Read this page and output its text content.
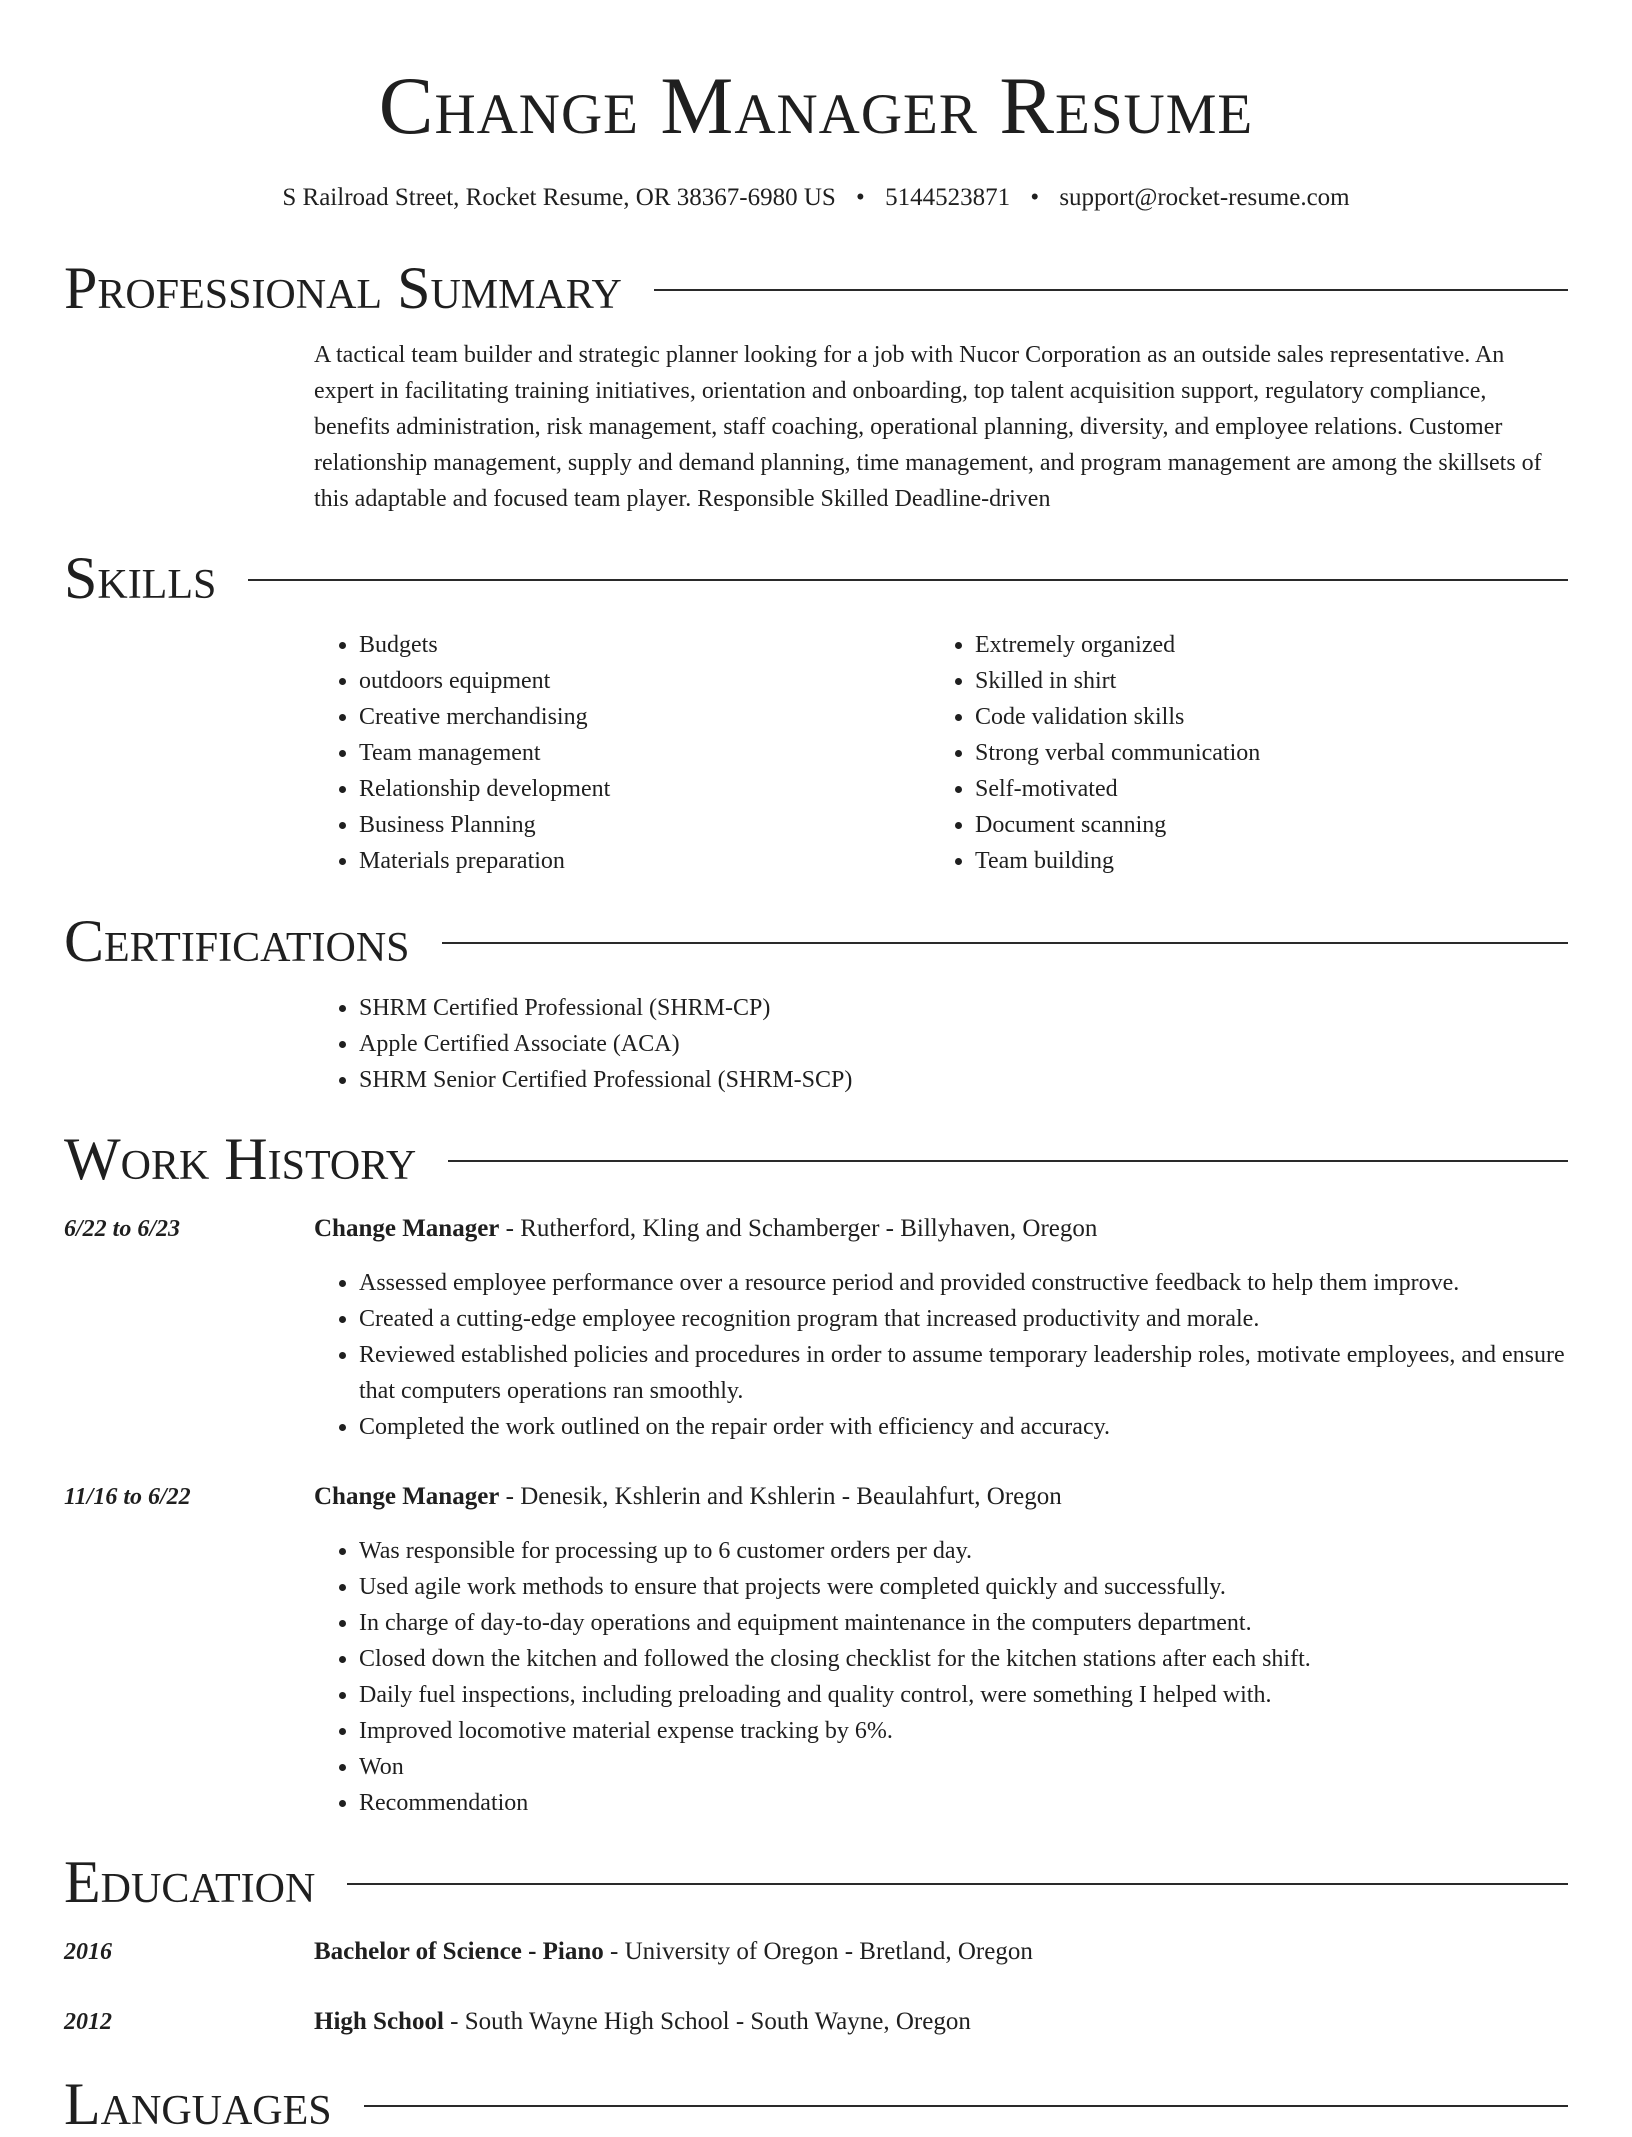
Change Manager Resume
S Railroad Street, Rocket Resume, OR 38367-6980 US • 5144523871 • support@rocket-resume.com
Professional Summary

A tactical team builder and strategic planner looking for a job with Nucor Corporation as an outside sales representative. An expert in facilitating training initiatives, orientation and onboarding, top talent acquisition support, regulatory compliance, benefits administration, risk management, staff coaching, operational planning, diversity, and employee relations. Customer relationship management, supply and demand planning, time management, and program management are among the skillsets of this adaptable and focused team player. Responsible Skilled Deadline-driven

Skills
• Budgets
• outdoors equipment
• Creative merchandising
• Team management
• Relationship development
• Business Planning
• Materials preparation
• Extremely organized
• Skilled in shirt
• Code validation skills
• Strong verbal communication
• Self-motivated
• Document scanning
• Team building
Certifications
• SHRM Certified Professional (SHRM-CP)
• Apple Certified Associate (ACA)
• SHRM Senior Certified Professional (SHRM-SCP)
Work History
6/22 to 6/23	Change Manager - Rutherford, Kling and Schamberger - Billyhaven, Oregon
• Assessed employee performance over a resource period and provided constructive feedback to help them improve.
• Created a cutting-edge employee recognition program that increased productivity and morale.
• Reviewed established policies and procedures in order to assume temporary leadership roles, motivate employees, and ensure that computers operations ran smoothly.
• Completed the work outlined on the repair order with efficiency and accuracy.
11/16 to 6/22	Change Manager - Denesik, Kshlerin and Kshlerin - Beaulahfurt, Oregon
• Was responsible for processing up to 6 customer orders per day.
• Used agile work methods to ensure that projects were completed quickly and successfully.
• In charge of day-to-day operations and equipment maintenance in the computers department.
• Closed down the kitchen and followed the closing checklist for the kitchen stations after each shift.
• Daily fuel inspections, including preloading and quality control, were something I helped with.
• Improved locomotive material expense tracking by 6%.
• Won
• Recommendation
Education
2016	Bachelor of Science - Piano - University of Oregon - Bretland, Oregon
2012	High School - South Wayne High School - South Wayne, Oregon
Languages
